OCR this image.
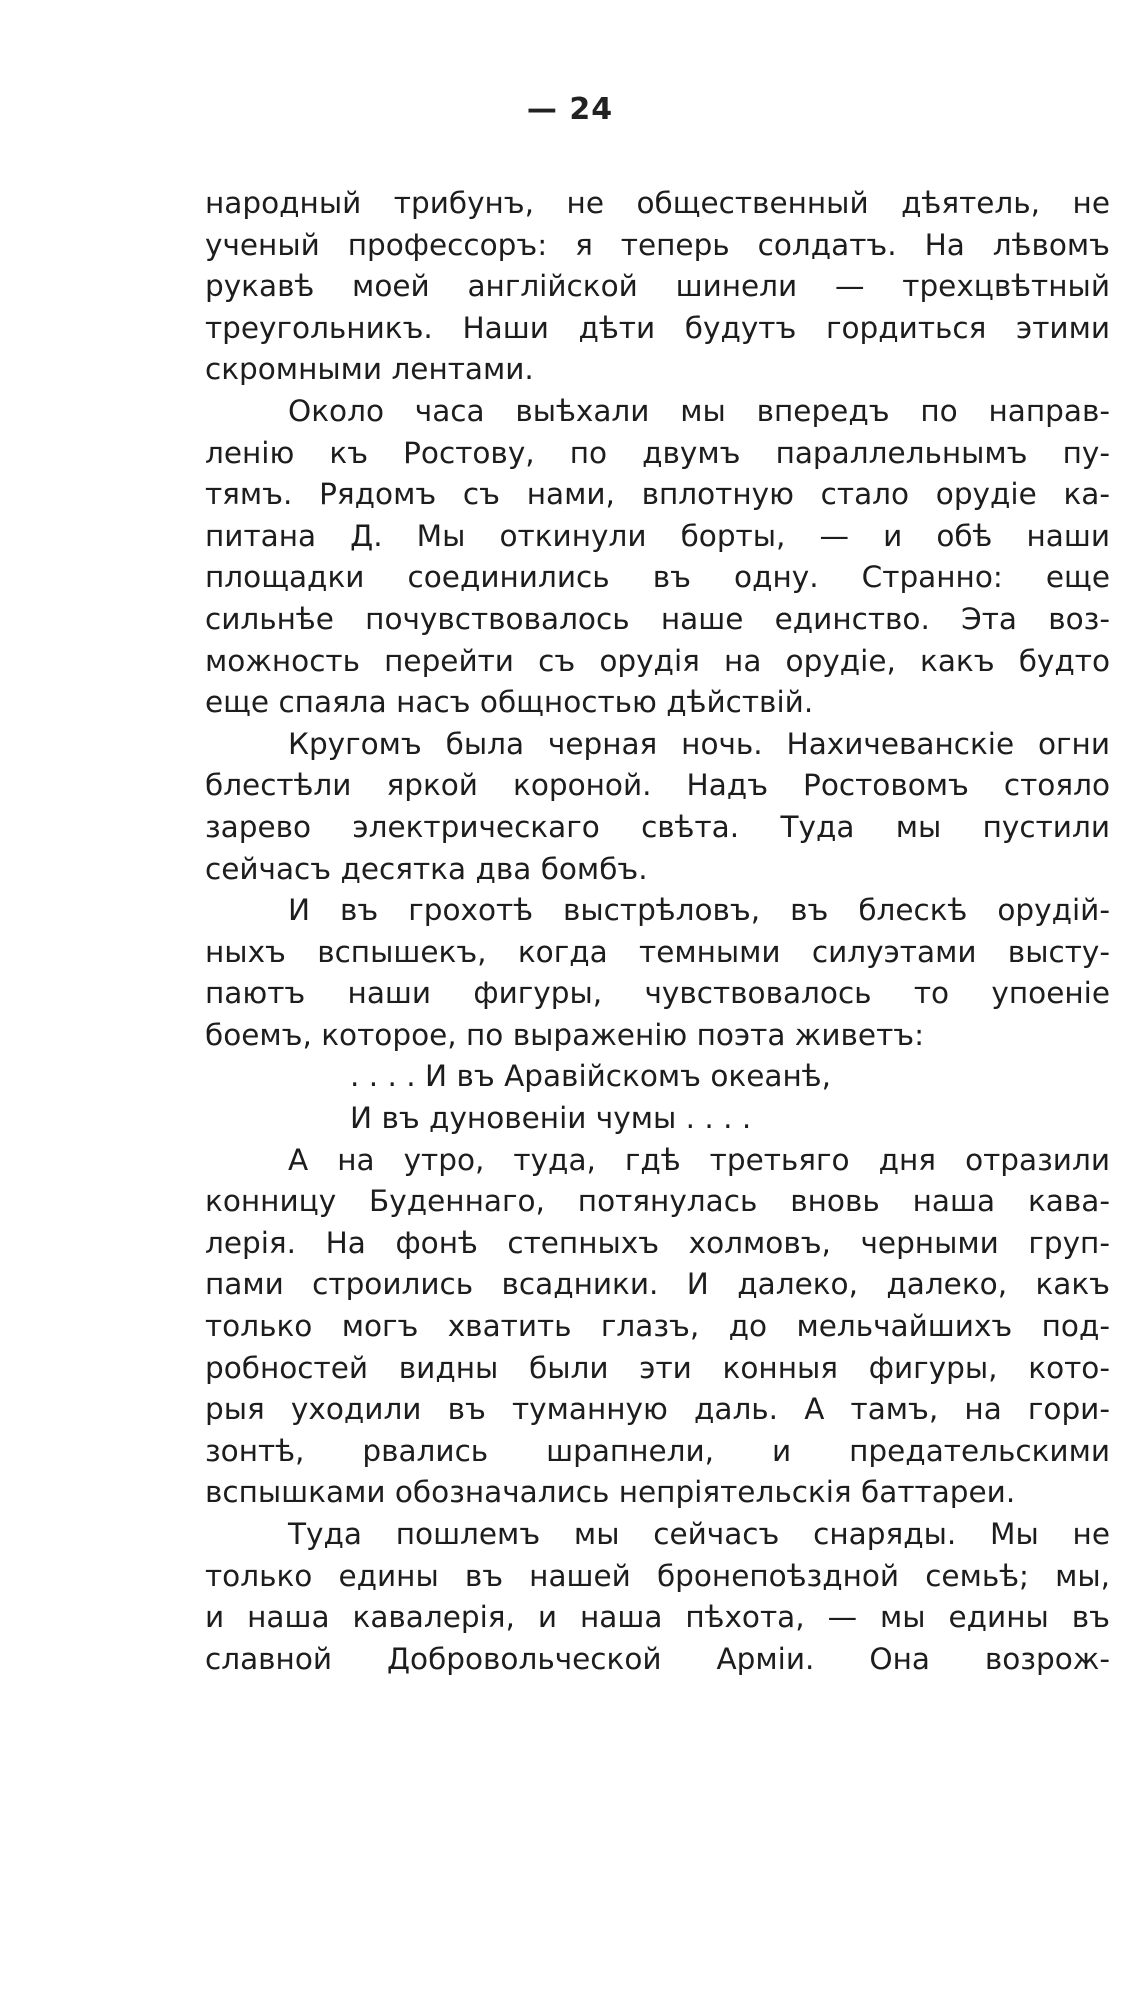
— 24
народный трибунъ, не общественный дѣятель, не
ученый профессоръ: я теперь солдатъ. На лѣвомъ
рукавѣ моей англійской шинели — трехцвѣтный
треугольникъ. Наши дѣти будутъ гордиться этими
скромными лентами.
Около часа выѣхали мы впередъ по направ-
ленію къ Ростову, по двумъ параллельнымъ пу-
тямъ. Рядомъ съ нами, вплотную стало орудіе ка-
питана Д. Мы откинули борты, — и обѣ наши
площадки соединились въ одну. Странно: еще
сильнѣе почувствовалось наше единство. Эта воз-
можность перейти съ орудія на орудіе, какъ будто
еще спаяла насъ общностью дѣйствій.
Кругомъ была черная ночь. Нахичеванскіе огни
блестѣли яркой короной. Надъ Ростовомъ стояло
зарево электрическаго свѣта. Туда мы пустили
сейчасъ десятка два бомбъ.
И въ грохотѣ выстрѣловъ, въ блескѣ орудій-
ныхъ вспышекъ, когда темными силуэтами высту-
паютъ наши фигуры, чувствовалось то упоеніе
боемъ, которое, по выраженію поэта живетъ:
. . . . И въ Аравійскомъ океанѣ,
И въ дуновеніи чумы . . . .
А на утро, туда, гдѣ третьяго дня отразили
конницу Буденнаго, потянулась вновь наша кава-
лерія. На фонѣ степныхъ холмовъ, черными груп-
пами строились всадники. И далеко, далеко, какъ
только могъ хватить глазъ, до мельчайшихъ под-
робностей видны были эти конныя фигуры, кото-
рыя уходили въ туманную даль. А тамъ, на гори-
зонтѣ, рвались шрапнели, и предательскими
вспышками обозначались непріятельскія баттареи.
Туда пошлемъ мы сейчасъ снаряды. Мы не
только едины въ нашей бронепоѣздной семьѣ; мы,
и наша кавалерія, и наша пѣхота, — мы едины въ
славной Добровольческой Арміи. Она возрож-
